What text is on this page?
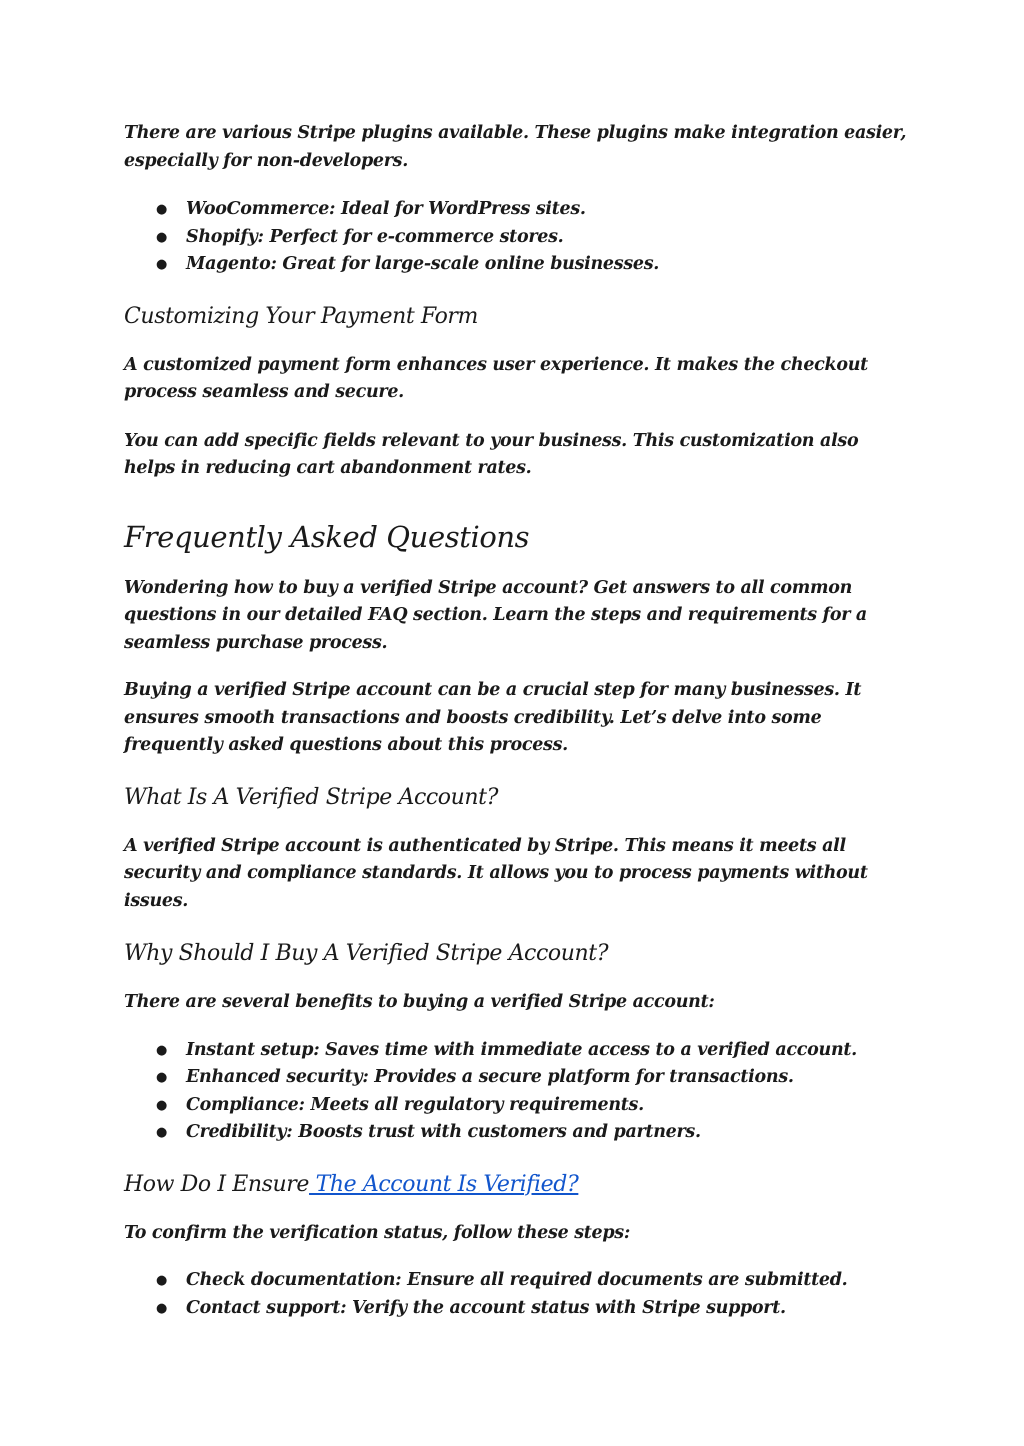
There are various Stripe plugins available. These plugins make integration easier, especially for non-developers.

● WooCommerce: Ideal for WordPress sites.
● Shopify: Perfect for e-commerce stores.
● Magento: Great for large-scale online businesses.
Customizing Your Payment Form

A customized payment form enhances user experience. It makes the checkout process seamless and secure.

You can add specific fields relevant to your business. This customization also helps in reducing cart abandonment rates.

Frequently Asked Questions

Wondering how to buy a verified Stripe account? Get answers to all common questions in our detailed FAQ section. Learn the steps and requirements for a seamless purchase process.

Buying a verified Stripe account can be a crucial step for many businesses. It ensures smooth transactions and boosts credibility. Let’s delve into some frequently asked questions about this process.

What Is A Verified Stripe Account?

A verified Stripe account is authenticated by Stripe. This means it meets all security and compliance standards. It allows you to process payments without issues.

Why Should I Buy A Verified Stripe Account?

There are several benefits to buying a verified Stripe account:

● Instant setup: Saves time with immediate access to a verified account.
● Enhanced security: Provides a secure platform for transactions.
● Compliance: Meets all regulatory requirements.
● Credibility: Boosts trust with customers and partners.
How Do I Ensure The Account Is Verified?

To confirm the verification status, follow these steps:

● Check documentation: Ensure all required documents are submitted.
● Contact support: Verify the account status with Stripe support.
